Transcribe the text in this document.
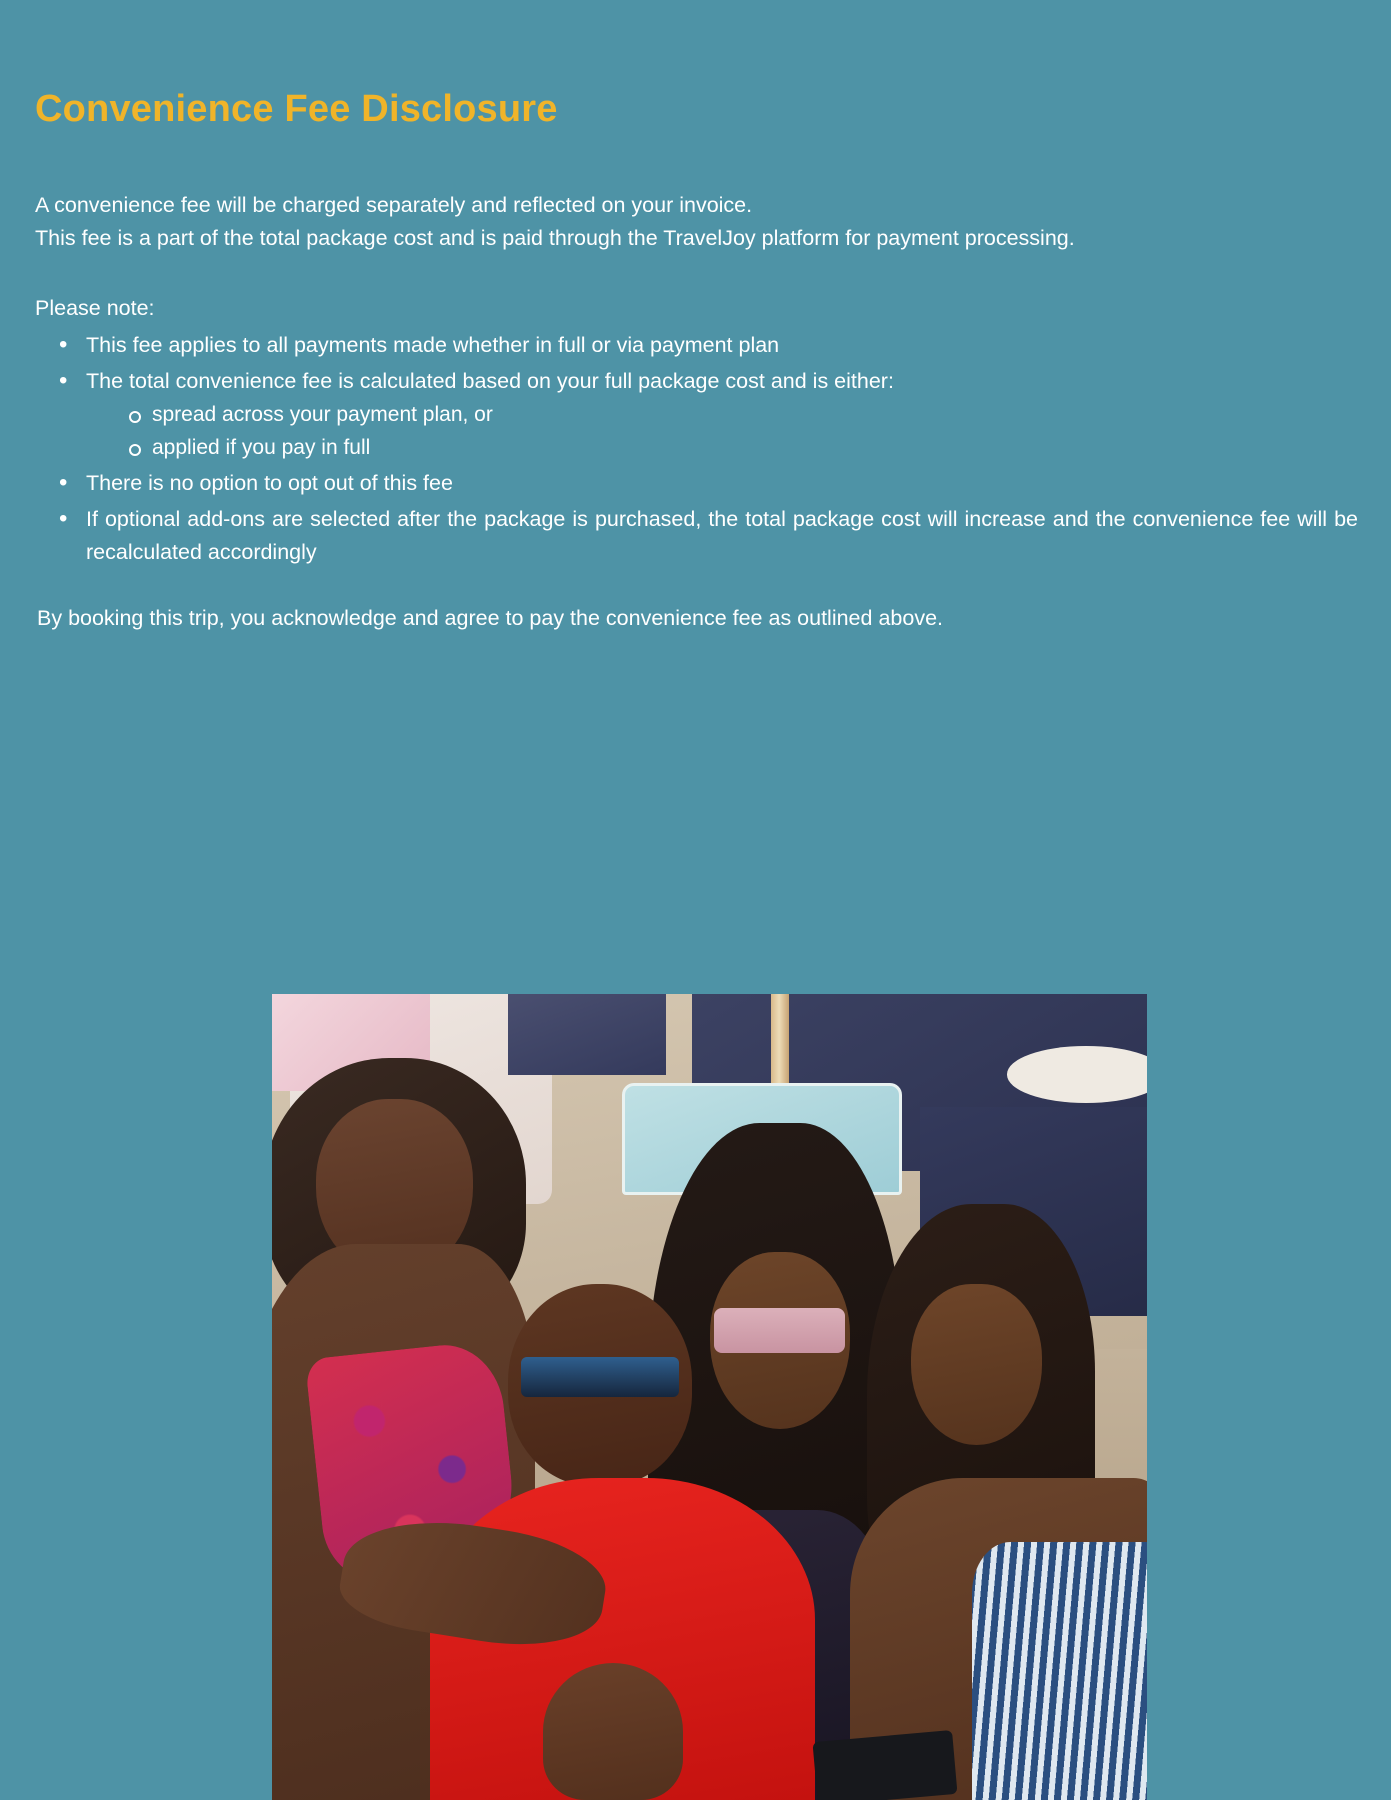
Convenience Fee Disclosure

A convenience fee will be charged separately and reflected on your invoice.

This fee is a part of the total package cost and is paid through the TravelJoy platform for payment processing.

Please note:

• This fee applies to all payments made whether in full or via payment plan
• The total convenience fee is calculated based on your full package cost and is either:
spread across your payment plan, or
applied if you pay in full
• There is no option to opt out of this fee
• If optional add-ons are selected after the package is purchased, the total package cost will increase and the convenience fee will be recalculated accordingly

By booking this trip, you acknowledge and agree to pay the convenience fee as outlined above.
